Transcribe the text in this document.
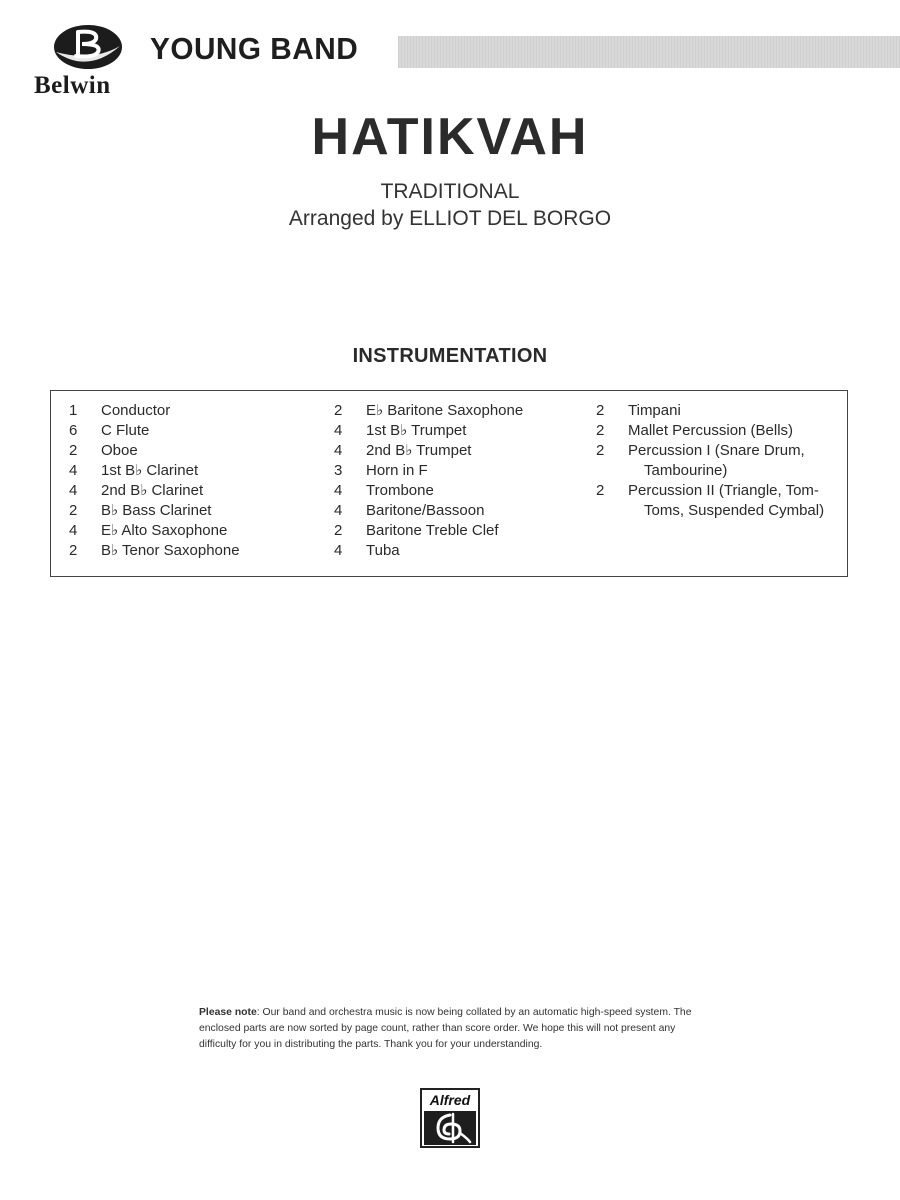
Belwin
YOUNG BAND
HATIKVAH
TRADITIONAL
Arranged by ELLIOT DEL BORGO
INSTRUMENTATION
1	Conductor
6	C Flute
2	Oboe
4	1st B♭ Clarinet
4	2nd B♭ Clarinet
2	B♭ Bass Clarinet
4	E♭ Alto Saxophone
2	B♭ Tenor Saxophone
2	E♭ Baritone Saxophone
4	1st B♭ Trumpet
4	2nd B♭ Trumpet
3	Horn in F
4	Trombone
4	Baritone/Bassoon
2	Baritone Treble Clef
4	Tuba
2	Timpani
2	Mallet Percussion (Bells)
2	Percussion I (Snare Drum,
Tambourine)
2	Percussion II (Triangle, Tom-
Toms, Suspended Cymbal)
Please note: Our band and orchestra music is now being collated by an automatic high-speed system. The enclosed parts are now sorted by page count, rather than score order. We hope this will not present any difficulty for you in distributing the parts. Thank you for your understanding.
Alfred
